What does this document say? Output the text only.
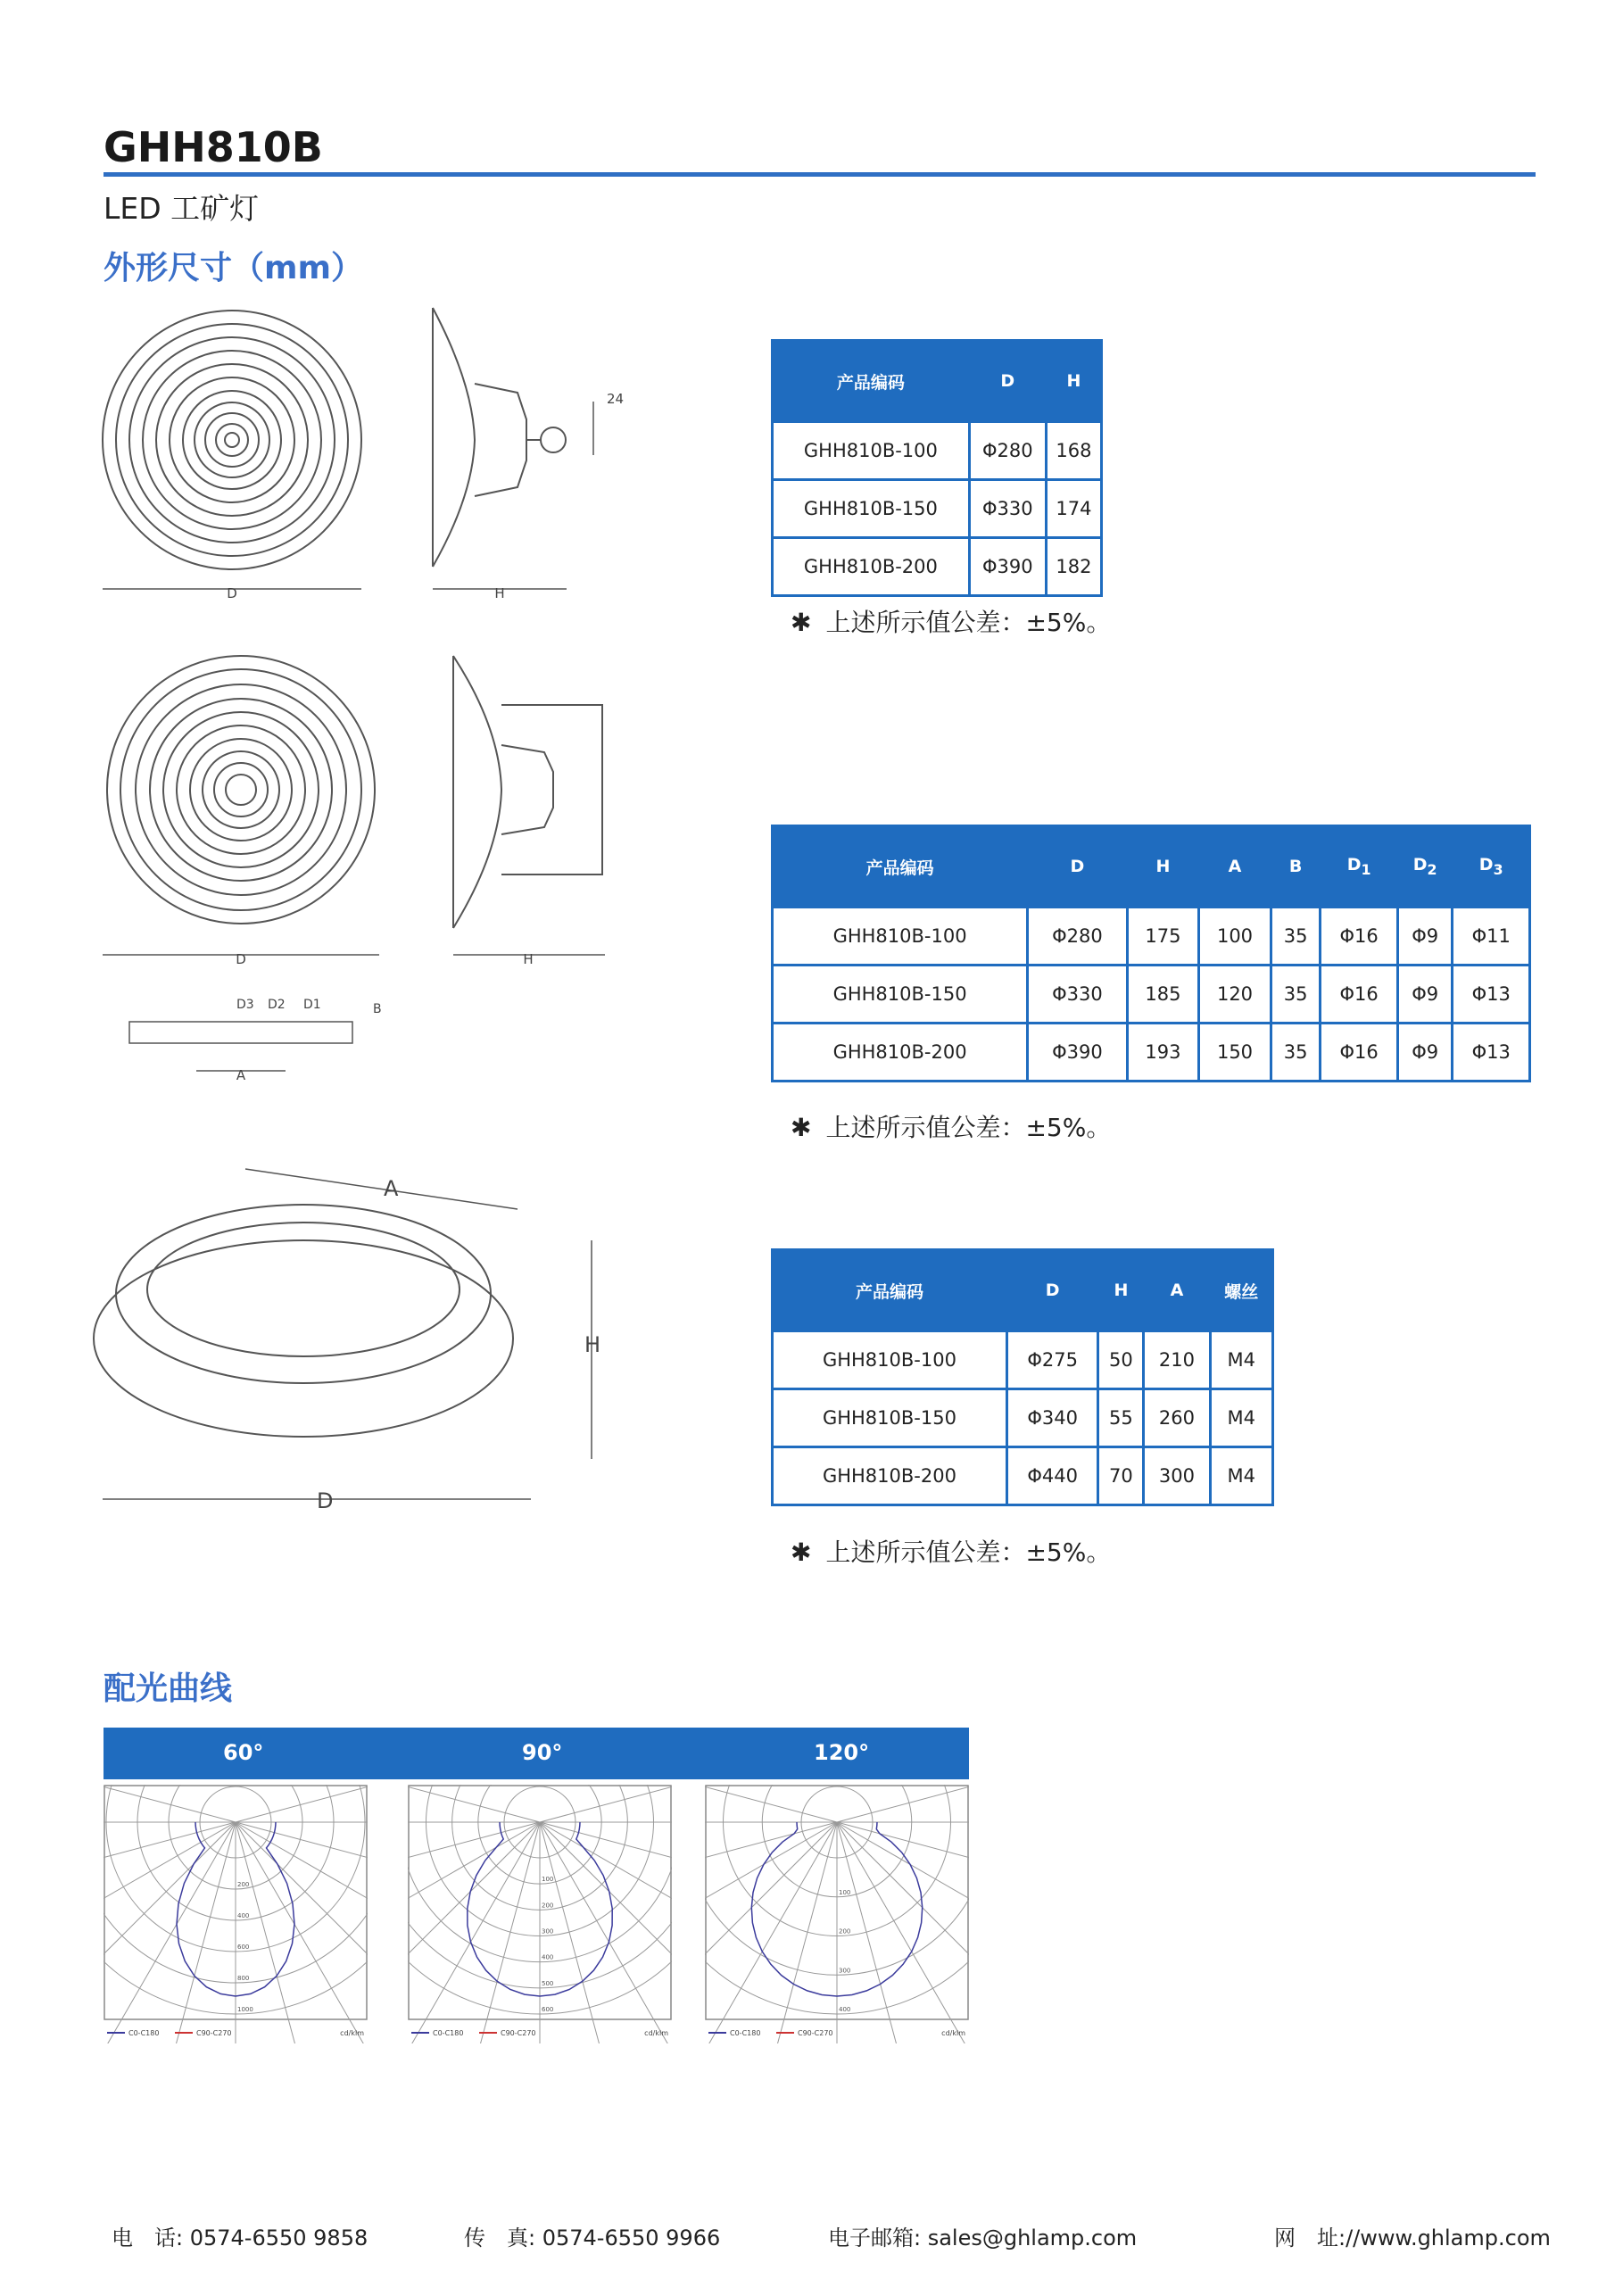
GHH810B
LED 工矿灯
外形尺寸（mm）
D	H
24
D	H
A
D3 D2 D1	B
A
H
D
产品编码	D	H
GHH810B-100	Φ280	168
GHH810B-150	Φ330	174
GHH810B-200	Φ390	182
✱ 上述所示值公差：±5%。
产品编码	D	H	A	B	$D_1$	$D_2$	$D_3$
GHH810B-100	Φ280	175	100	35	Φ16	Φ9	Φ11
GHH810B-150	Φ330	185	120	35	Φ16	Φ9	Φ13
GHH810B-200	Φ390	193	150	35	Φ16	Φ9	Φ13
✱ 上述所示值公差：±5%。
产品编码	D	H	A	螺丝
GHH810B-100	Φ275	50	210	M4
GHH810B-150	Φ340	55	260	M4
GHH810B-200	Φ440	70	300	M4
✱ 上述所示值公差：±5%。
配光曲线
60°	90°	120°
200
400
600
800
1000
C0-C180	C90-C270	cd/klm
100
200
300
400
500
600
C0-C180	C90-C270	cd/klm
100
200
300
400
C0-C180	C90-C270	cd/klm
电　话: 0574-6550 9858	传　真: 0574-6550 9966	电子邮箱: sales@ghlamp.com	网　址://www.ghlamp.com
